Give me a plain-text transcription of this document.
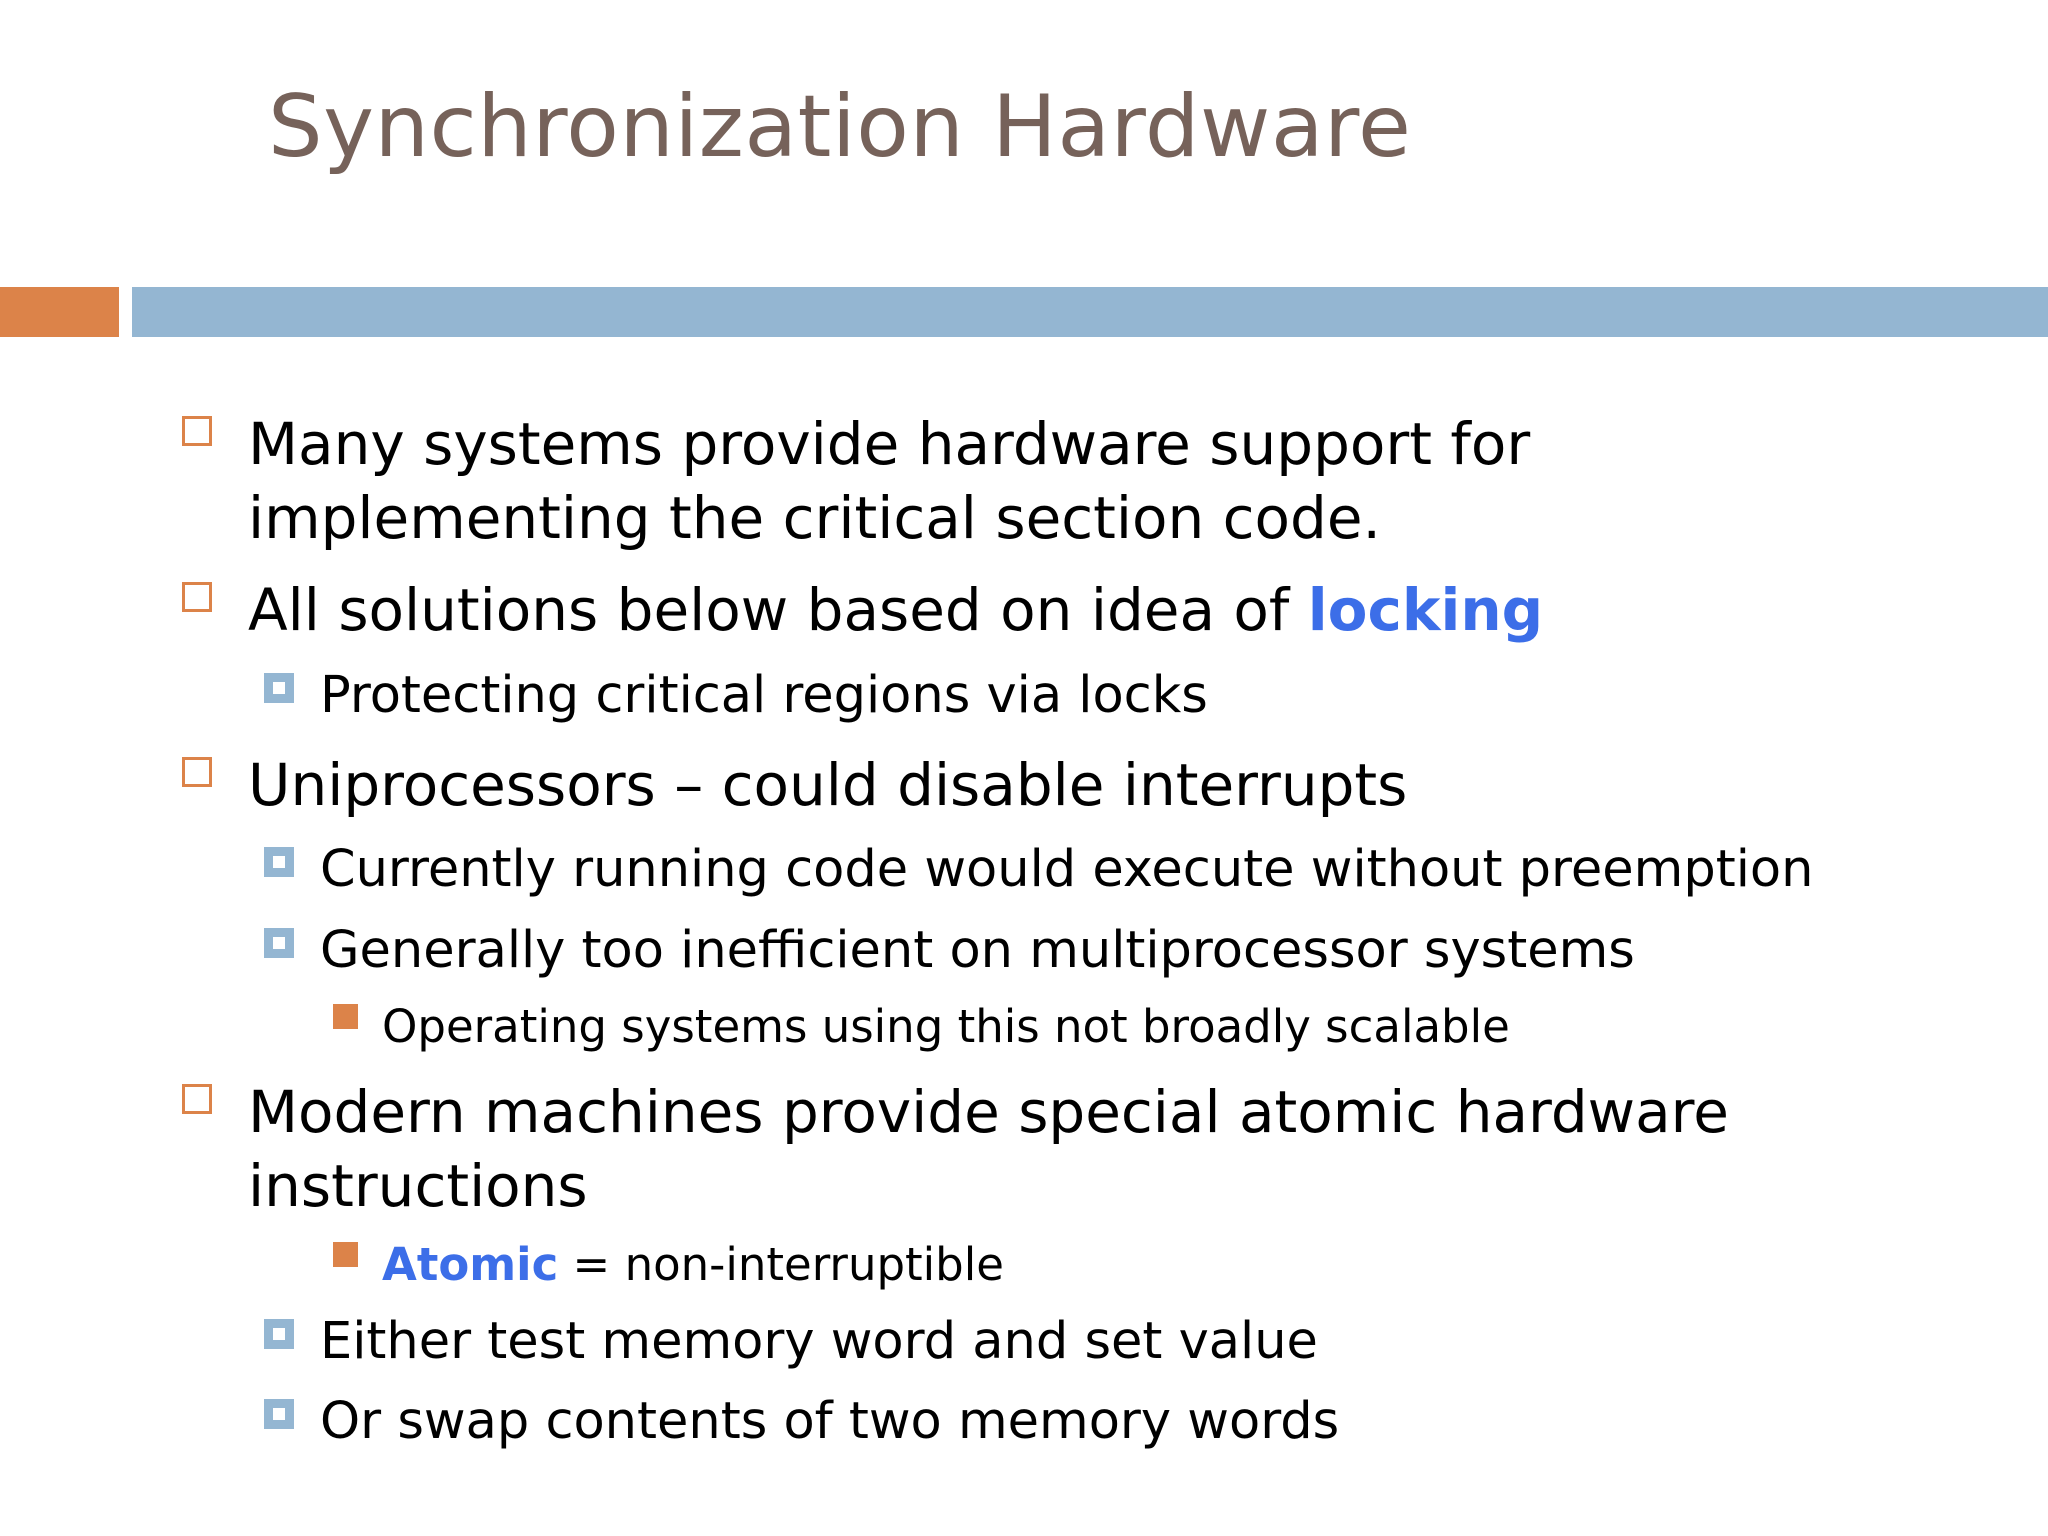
Synchronization Hardware
Many systems provide hardware support for
implementing the critical section code.
All solutions below based on idea of locking
Protecting critical regions via locks
Uniprocessors – could disable interrupts
Currently running code would execute without preemption
Generally too inefficient on multiprocessor systems
Operating systems using this not broadly scalable
Modern machines provide special atomic hardware
instructions
Atomic = non-interruptible
Either test memory word and set value
Or swap contents of two memory words
